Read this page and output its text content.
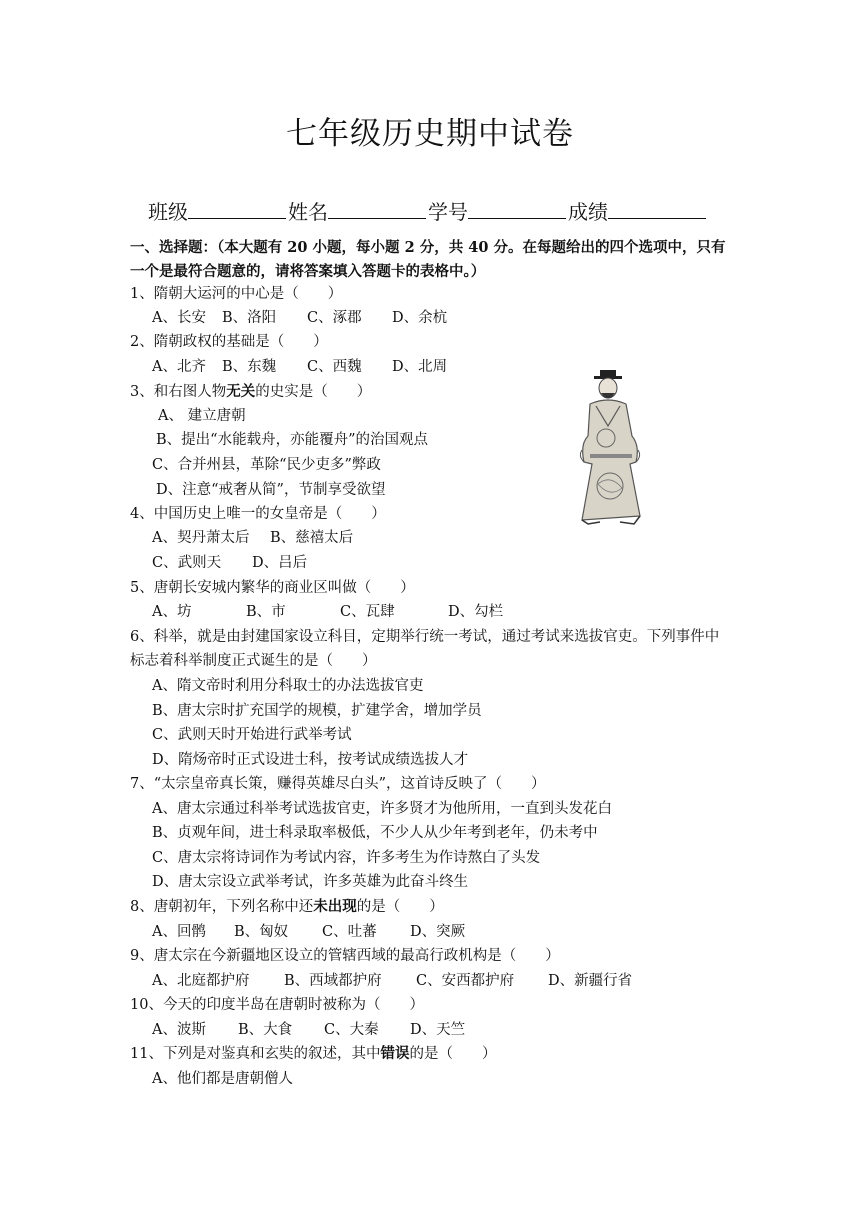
七年级历史期中试卷
班级	姓名	学号	成绩
一、选择题：（本大题有 20 小题，每小题 2 分，共 40 分。在每题给出的四个选项中，只有一个是最符合题意的，请将答案填入答题卡的表格中。）
1、隋朝大运河的中心是（　　）
A、长安 B、洛阳 C、涿郡 D、余杭
2、隋朝政权的基础是（　　）
A、北齐 B、东魏 C、西魏 D、北周
3、和右图人物无关的史实是（　　）
A、 建立唐朝
B、提出“水能载舟，亦能覆舟”的治国观点
C、合并州县，革除“民少吏多”弊政
D、注意“戒奢从简”，节制享受欲望
4、中国历史上唯一的女皇帝是（　　）
A、契丹萧太后 B、慈禧太后
C、武则天 D、吕后
5、唐朝长安城内繁华的商业区叫做（　　）
A、坊	B、市	C、瓦肆	D、勾栏
6、科举，就是由封建国家设立科目，定期举行统一考试，通过考试来选拔官吏。下列事件中标志着科举制度正式诞生的是（　　）
A、隋文帝时利用分科取士的办法选拔官吏
B、唐太宗时扩充国学的规模，扩建学舍，增加学员
C、武则天时开始进行武举考试
D、隋炀帝时正式设进士科，按考试成绩选拔人才
7、“太宗皇帝真长策，赚得英雄尽白头”，这首诗反映了（　　）
A、唐太宗通过科举考试选拔官吏，许多贤才为他所用，一直到头发花白
B、贞观年间，进士科录取率极低，不少人从少年考到老年，仍未考中
C、唐太宗将诗词作为考试内容，许多考生为作诗熬白了头发
D、唐太宗设立武举考试，许多英雄为此奋斗终生
8、唐朝初年，下列名称中还未出现的是（　　）
A、回鹘 B、匈奴 C、吐蕃 D、突厥
9、唐太宗在今新疆地区设立的管辖西域的最高行政机构是（　　）
A、北庭都护府 B、西域都护府 C、安西都护府 D、新疆行省
10、今天的印度半岛在唐朝时被称为（　　）
A、波斯 B、大食 C、大秦 D、天竺
11、下列是对鉴真和玄奘的叙述，其中错误的是（　　）
A、他们都是唐朝僧人
